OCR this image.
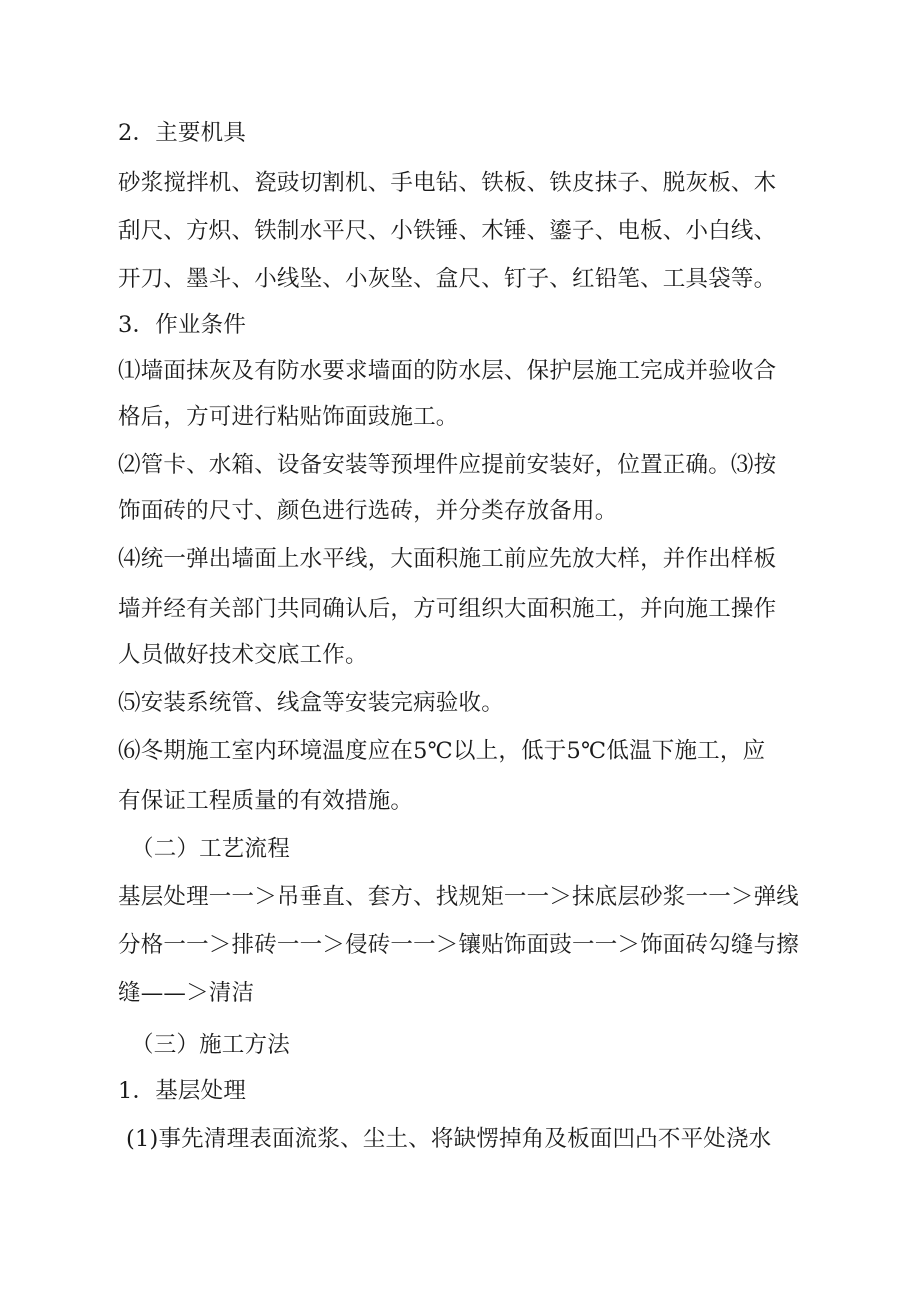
2．主要机具
砂浆搅拌机、瓷豉切割机、手电钻、铁板、铁皮抹子、脱灰板、木
刮尺、方炽、铁制水平尺、小铁锤、木锤、鎏子、电板、小白线、
开刀、墨斗、小线坠、小灰坠、盒尺、钉子、红铅笔、工具袋等。
3．作业条件
⑴墙面抹灰及有防水要求墙面的防水层、保护层施工完成并验收合
格后，方可进行粘贴饰面豉施工。
⑵管卡、水箱、设备安装等预埋件应提前安装好，位置正确。⑶按
饰面砖的尺寸、颜色进行选砖，并分类存放备用。
⑷统一弹出墙面上水平线，大面积施工前应先放大样，并作出样板
墙并经有关部门共同确认后，方可组织大面积施工，并向施工操作
人员做好技术交底工作。
⑸安装系统管、线盒等安装完病验收。
⑹冬期施工室内环境温度应在5℃以上，低于5℃低温下施工，应
有保证工程质量的有效措施。
（二）工艺流程
基层处理一一＞吊垂直、套方、找规矩一一＞抹底层砂浆一一＞弹线
分格一一＞排砖一一＞侵砖一一＞镶贴饰面豉一一＞饰面砖勾缝与擦
缝——＞清洁
（三）施工方法
1．基层处理
(1)事先清理表面流浆、尘土、将缺愣掉角及板面凹凸不平处浇水
